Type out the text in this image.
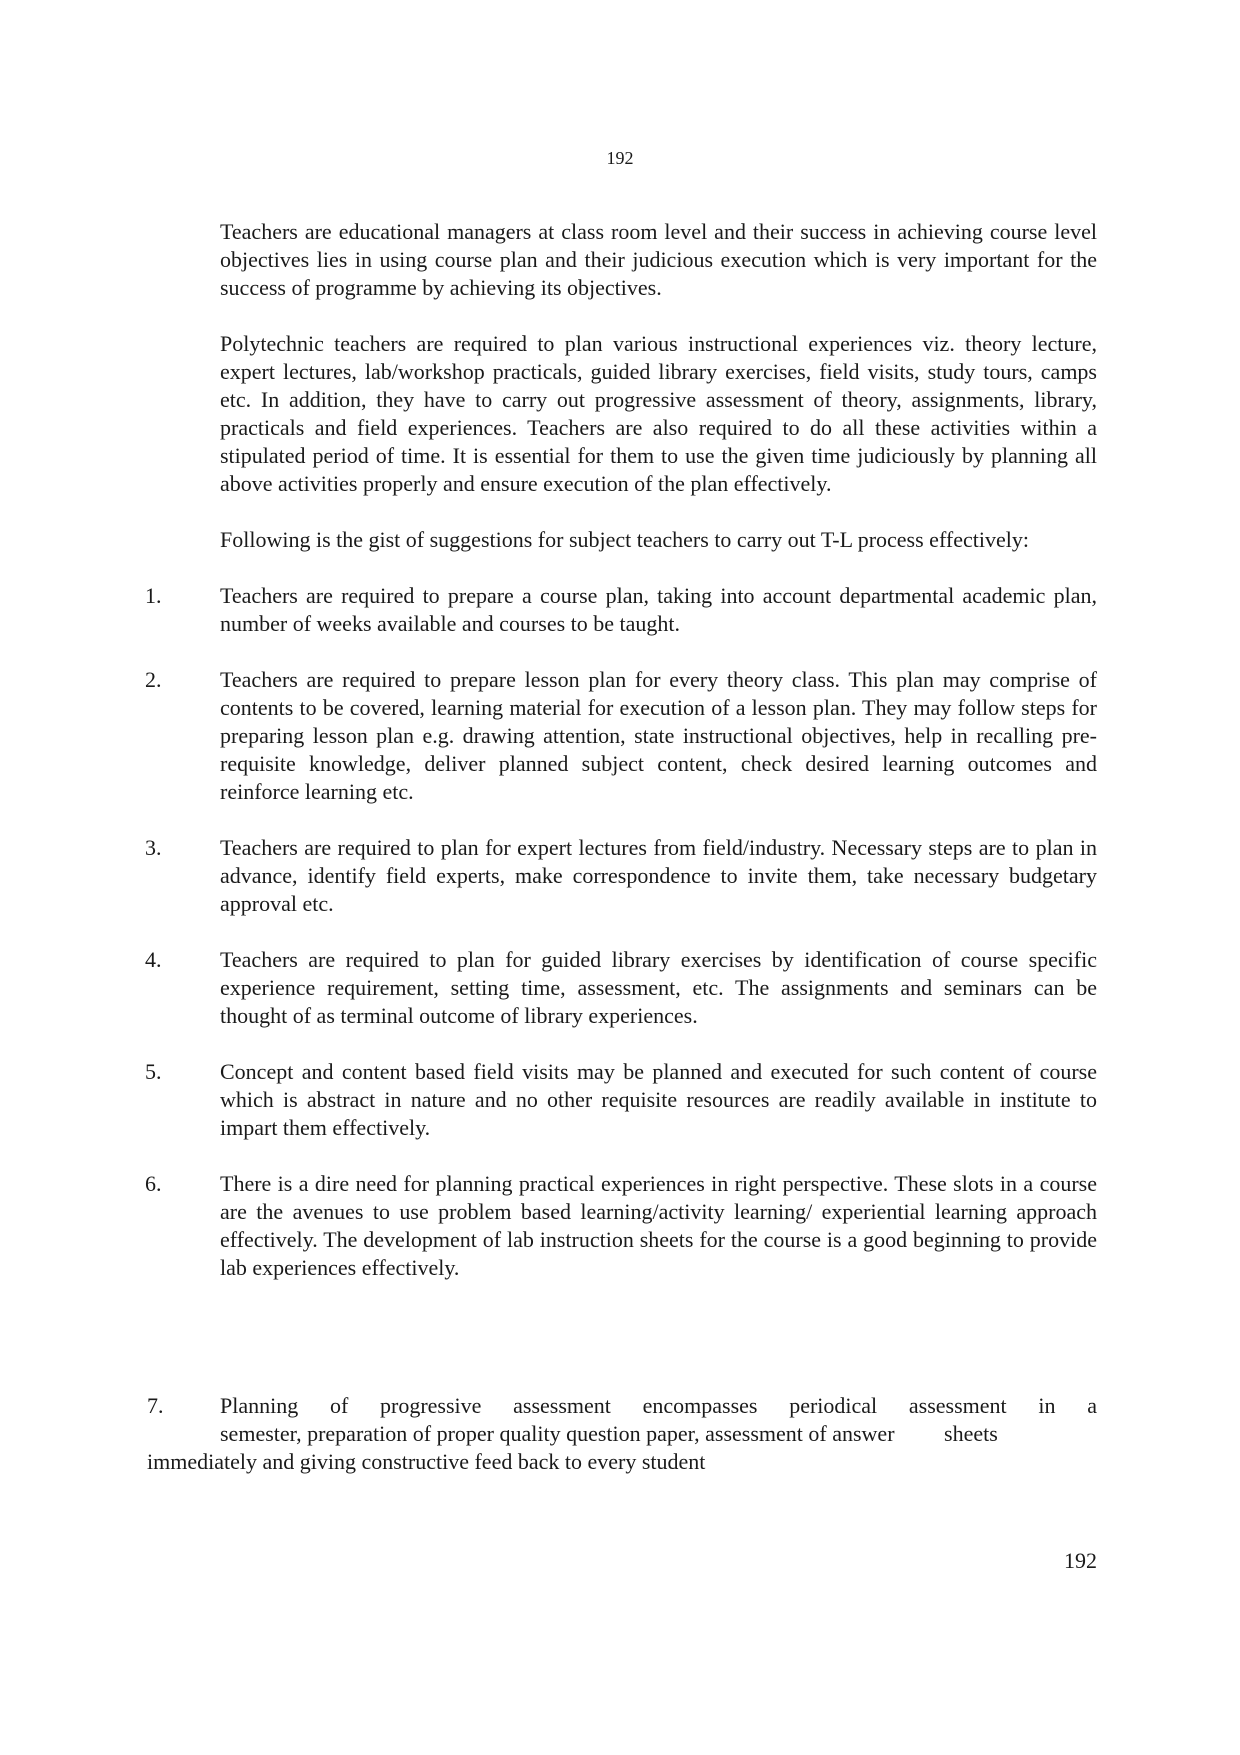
192

Teachers are educational managers at class room level and their success in achieving course level objectives lies in using course plan and their judicious execution which is very important for the success of programme by achieving its objectives.

Polytechnic teachers are required to plan various instructional experiences viz. theory lecture, expert lectures, lab/workshop practicals, guided library exercises, field visits, study tours, camps etc. In addition, they have to carry out progressive assessment of theory, assignments, library, practicals and field experiences. Teachers are also required to do all these activities within a stipulated period of time. It is essential for them to use the given time judiciously by planning all above activities properly and ensure execution of the plan effectively.

Following is the gist of suggestions for subject teachers to carry out T-L process effectively:

1.	Teachers are required to prepare a course plan, taking into account departmental academic plan, number of weeks available and courses to be taught.
2.	Teachers are required to prepare lesson plan for every theory class. This plan may comprise of contents to be covered, learning material for execution of a lesson plan. They may follow steps for preparing lesson plan e.g. drawing attention, state instructional objectives, help in recalling pre-requisite knowledge, deliver planned subject content, check desired learning outcomes and reinforce learning etc.
3.	Teachers are required to plan for expert lectures from field/industry. Necessary steps are to plan in advance, identify field experts, make correspondence to invite them, take necessary budgetary approval etc.
4.	Teachers are required to plan for guided library exercises by identification of course specific experience requirement, setting time, assessment, etc. The assignments and seminars can be thought of as terminal outcome of library experiences.
5.	Concept and content based field visits may be planned and executed for such content of course which is abstract in nature and no other requisite resources are readily available in institute to impart them effectively.
6.	There is a dire need for planning practical experiences in right perspective. These slots in a course are the avenues to use problem based learning/activity learning/ experiential learning approach effectively. The development of lab instruction sheets for the course is a good beginning to provide lab experiences effectively.
7.	Planning of progressive assessment encompasses periodical assessment in a
semester, preparation of proper quality question paper, assessment of answer         sheets
immediately and giving constructive feed back to every student
192
